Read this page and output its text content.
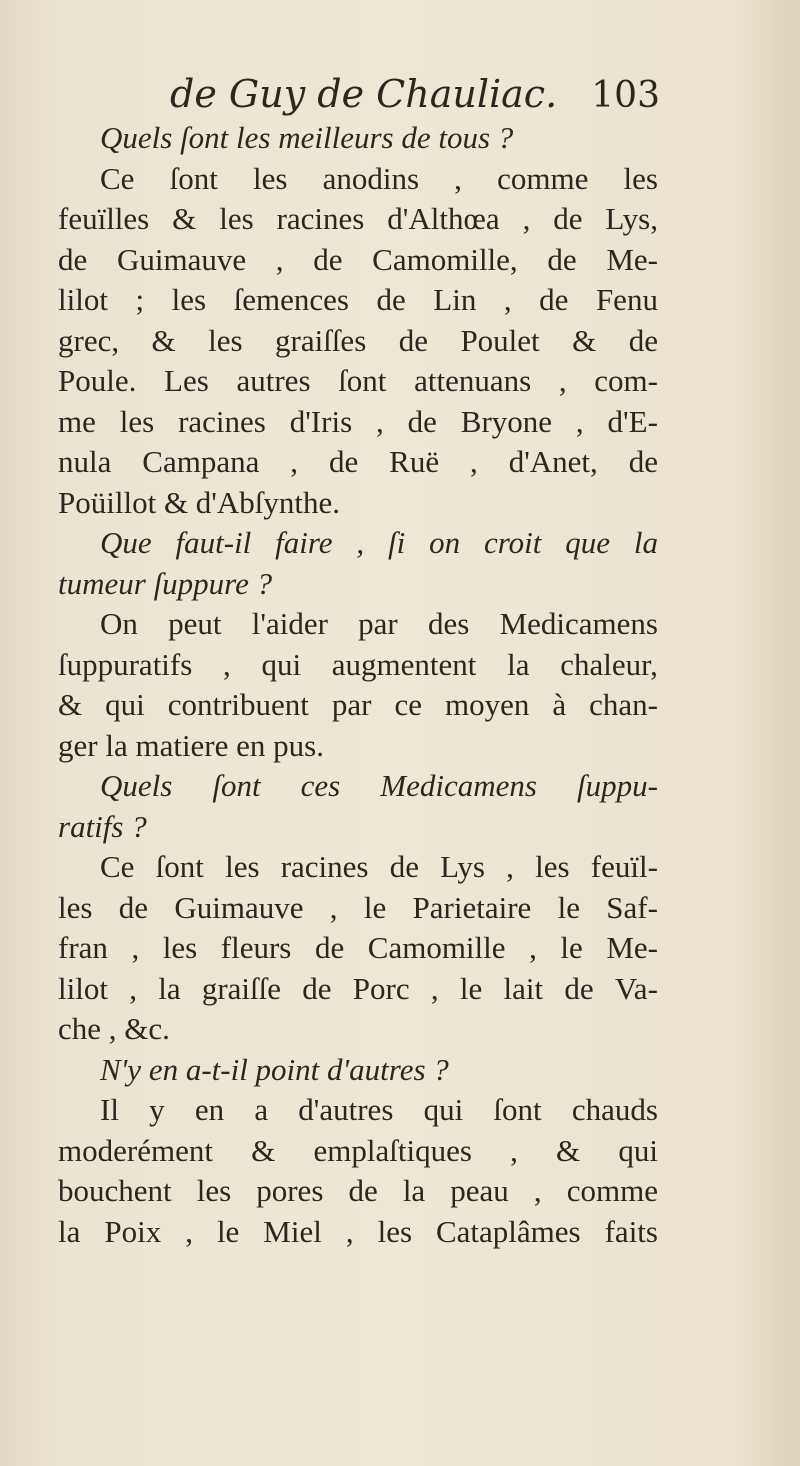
de Guy de Chauliac. 103
Quels ſont les meilleurs de tous ?
Ce ſont les anodins , comme les
feuïlles & les racines d'Althœa , de Lys,
de Guimauve , de Camomille, de Me-
lilot ; les ſemences de Lin , de Fenu
grec, & les graiſſes de Poulet & de
Poule. Les autres ſont attenuans , com-
me les racines d'Iris , de Bryone , d'E-
nula Campana , de Ruë , d'Anet, de
Poüillot & d'Abſynthe.
Que faut-il faire , ſi on croit que la
tumeur ſuppure ?
On peut l'aider par des Medicamens
ſuppuratifs , qui augmentent la chaleur,
& qui contribuent par ce moyen à chan-
ger la matiere en pus.
Quels ſont ces Medicamens ſuppu-
ratifs ?
Ce ſont les racines de Lys , les feuïl-
les de Guimauve , le Parietaire le Saf-
fran , les fleurs de Camomille , le Me-
lilot , la graiſſe de Porc , le lait de Va-
che , &c.
N'y en a-t-il point d'autres ?
Il y en a d'autres qui ſont chauds
moderément & emplaſtiques , & qui
bouchent les pores de la peau , comme
la Poix , le Miel , les Cataplâmes faits
